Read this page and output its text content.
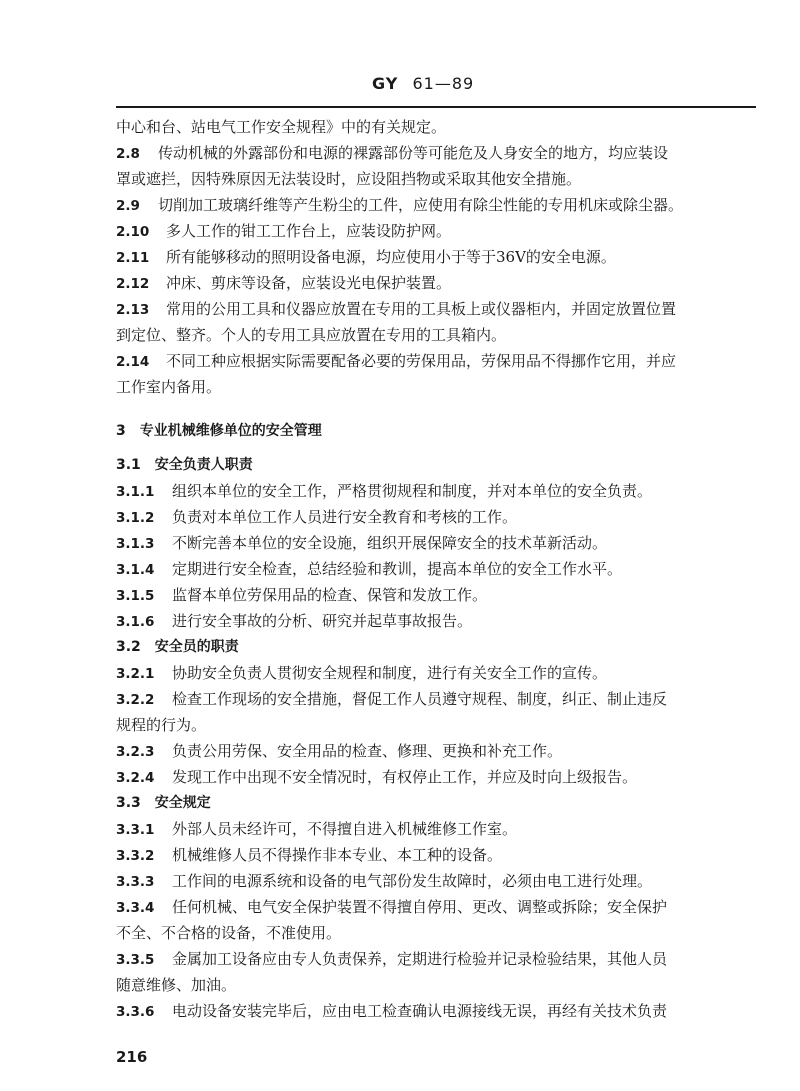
GY 61—89
中心和台、站电气工作安全规程》中的有关规定。
2.8 传动机械的外露部份和电源的裸露部份等可能危及人身安全的地方，均应装设
罩或遮拦，因特殊原因无法装设时，应设阻挡物或采取其他安全措施。
2.9 切削加工玻璃纤维等产生粉尘的工件，应使用有除尘性能的专用机床或除尘器。
2.10 多人工作的钳工工作台上，应装设防护网。
2.11 所有能够移动的照明设备电源，均应使用小于等于36V的安全电源。
2.12 冲床、剪床等设备，应装设光电保护装置。
2.13 常用的公用工具和仪器应放置在专用的工具板上或仪器柜内，并固定放置位置
到定位、整齐。个人的专用工具应放置在专用的工具箱内。
2.14 不同工种应根据实际需要配备必要的劳保用品，劳保用品不得挪作它用，并应
工作室内备用。
3　专业机械维修单位的安全管理
3.1　安全负责人职责
3.1.1 组织本单位的安全工作，严格贯彻规程和制度，并对本单位的安全负责。
3.1.2 负责对本单位工作人员进行安全教育和考核的工作。
3.1.3 不断完善本单位的安全设施，组织开展保障安全的技术革新活动。
3.1.4 定期进行安全检查，总结经验和教训，提高本单位的安全工作水平。
3.1.5 监督本单位劳保用品的检查、保管和发放工作。
3.1.6 进行安全事故的分析、研究并起草事故报告。
3.2　安全员的职责
3.2.1 协助安全负责人贯彻安全规程和制度，进行有关安全工作的宣传。
3.2.2 检查工作现场的安全措施，督促工作人员遵守规程、制度，纠正、制止违反
规程的行为。
3.2.3 负责公用劳保、安全用品的检查、修理、更换和补充工作。
3.2.4 发现工作中出现不安全情况时，有权停止工作，并应及时向上级报告。
3.3　安全规定
3.3.1 外部人员未经许可，不得擅自进入机械维修工作室。
3.3.2 机械维修人员不得操作非本专业、本工种的设备。
3.3.3 工作间的电源系统和设备的电气部份发生故障时，必须由电工进行处理。
3.3.4 任何机械、电气安全保护装置不得擅自停用、更改、调整或拆除；安全保护
不全、不合格的设备，不准使用。
3.3.5 金属加工设备应由专人负责保养，定期进行检验并记录检验结果，其他人员
随意维修、加油。
3.3.6 电动设备安装完毕后，应由电工检查确认电源接线无误，再经有关技术负责
216
